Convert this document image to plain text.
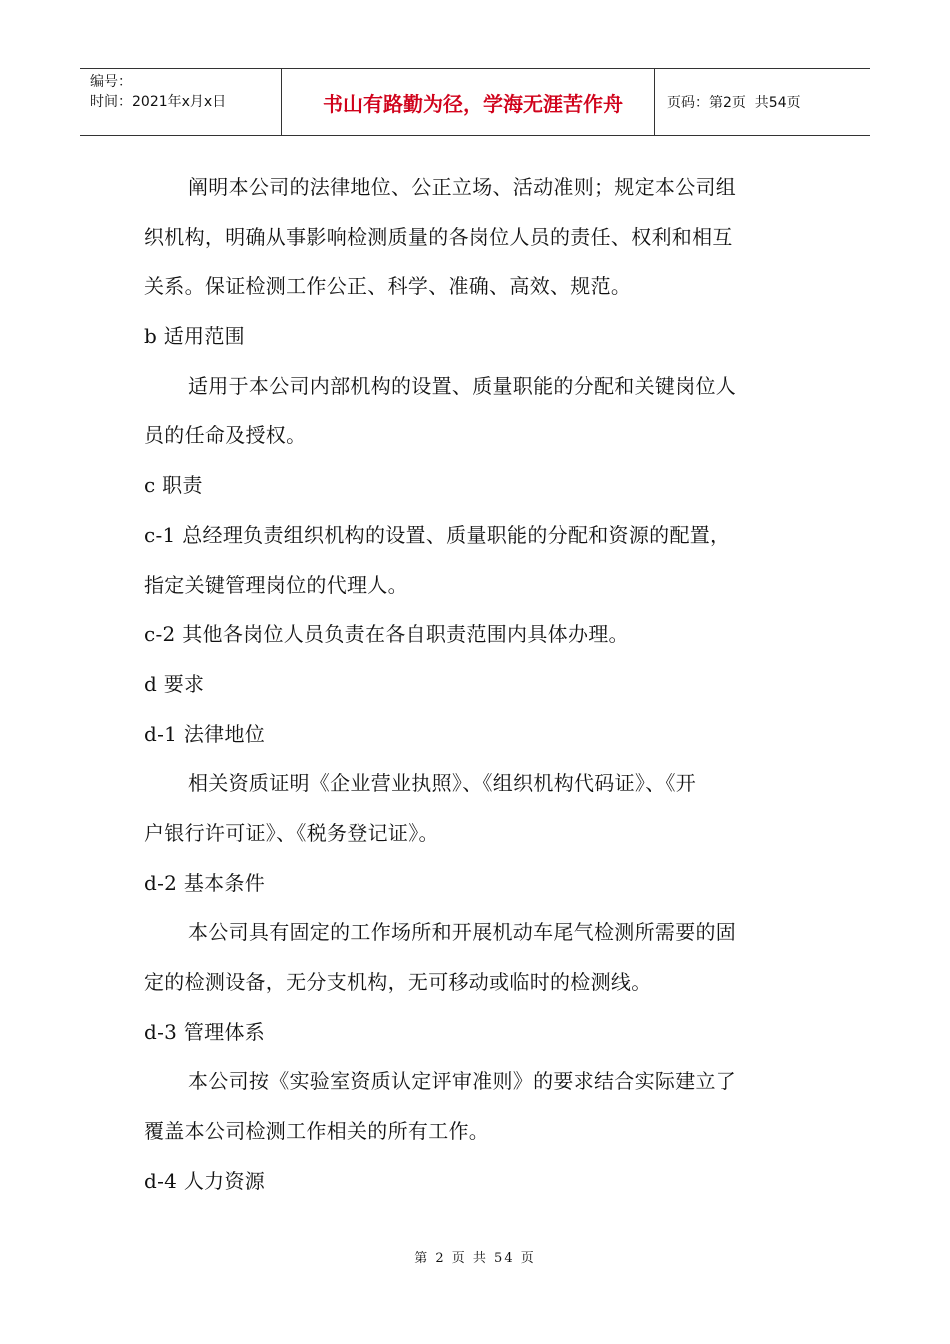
编号：
时间：2021年x月x日	书山有路勤为径，学海无涯苦作舟	页码：第2页  共54页
阐明本公司的法律地位、公正立场、活动准则；规定本公司组
织机构，明确从事影响检测质量的各岗位人员的责任、权利和相互
关系。保证检测工作公正、科学、准确、高效、规范。
b 适用范围
适用于本公司内部机构的设置、质量职能的分配和关键岗位人
员的任命及授权。
c 职责
c-1 总经理负责组织机构的设置、质量职能的分配和资源的配置，
指定关键管理岗位的代理人。
c-2 其他各岗位人员负责在各自职责范围内具体办理。
d 要求
d-1 法律地位
相关资质证明《企业营业执照》、《组织机构代码证》、《开
户银行许可证》、《税务登记证》。
d-2 基本条件
本公司具有固定的工作场所和开展机动车尾气检测所需要的固
定的检测设备，无分支机构，无可移动或临时的检测线。
d-3 管理体系
本公司按《实验室资质认定评审准则》的要求结合实际建立了
覆盖本公司检测工作相关的所有工作。
d-4 人力资源
第 2 页 共 54 页
